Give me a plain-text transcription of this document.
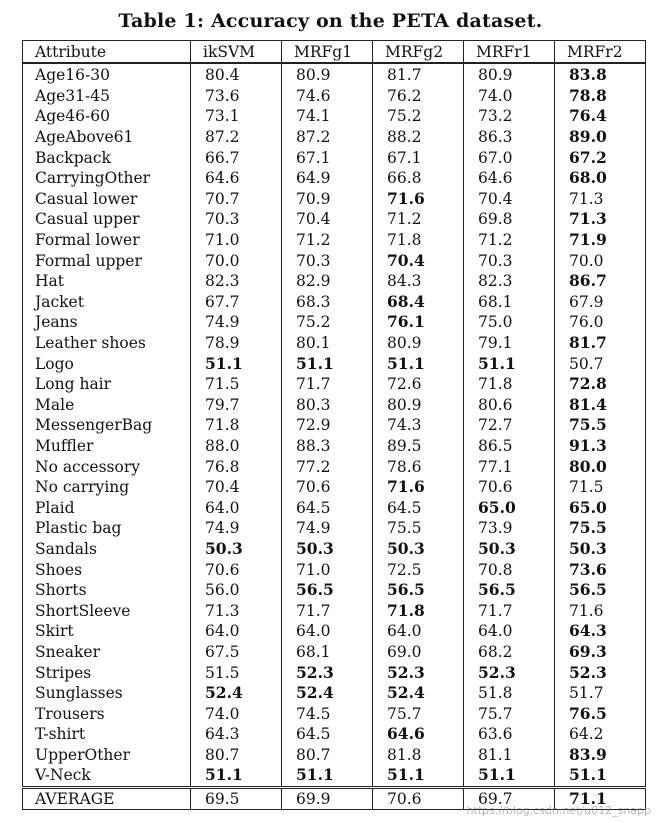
Table 1: Accuracy on the PETA dataset.
Attribute	ikSVM	MRFg1	MRFg2	MRFr1	MRFr2
Age16-30	80.4	80.9	81.7	80.9	83.8
Age31-45	73.6	74.6	76.2	74.0	78.8
Age46-60	73.1	74.1	75.2	73.2	76.4
AgeAbove61	87.2	87.2	88.2	86.3	89.0
Backpack	66.7	67.1	67.1	67.0	67.2
CarryingOther	64.6	64.9	66.8	64.6	68.0
Casual lower	70.7	70.9	71.6	70.4	71.3
Casual upper	70.3	70.4	71.2	69.8	71.3
Formal lower	71.0	71.2	71.8	71.2	71.9
Formal upper	70.0	70.3	70.4	70.3	70.0
Hat	82.3	82.9	84.3	82.3	86.7
Jacket	67.7	68.3	68.4	68.1	67.9
Jeans	74.9	75.2	76.1	75.0	76.0
Leather shoes	78.9	80.1	80.9	79.1	81.7
Logo	51.1	51.1	51.1	51.1	50.7
Long hair	71.5	71.7	72.6	71.8	72.8
Male	79.7	80.3	80.9	80.6	81.4
MessengerBag	71.8	72.9	74.3	72.7	75.5
Muffler	88.0	88.3	89.5	86.5	91.3
No accessory	76.8	77.2	78.6	77.1	80.0
No carrying	70.4	70.6	71.6	70.6	71.5
Plaid	64.0	64.5	64.5	65.0	65.0
Plastic bag	74.9	74.9	75.5	73.9	75.5
Sandals	50.3	50.3	50.3	50.3	50.3
Shoes	70.6	71.0	72.5	70.8	73.6
Shorts	56.0	56.5	56.5	56.5	56.5
ShortSleeve	71.3	71.7	71.8	71.7	71.6
Skirt	64.0	64.0	64.0	64.0	64.3
Sneaker	67.5	68.1	69.0	68.2	69.3
Stripes	51.5	52.3	52.3	52.3	52.3
Sunglasses	52.4	52.4	52.4	51.8	51.7
Trousers	74.0	74.5	75.7	75.7	76.5
T-shirt	64.3	64.5	64.6	63.6	64.2
UpperOther	80.7	80.7	81.8	81.1	83.9
V-Neck	51.1	51.1	51.1	51.1	51.1
AVERAGE	69.5	69.9	70.6	69.7	71.1
https://blog.csdn.net/u012_snapp
